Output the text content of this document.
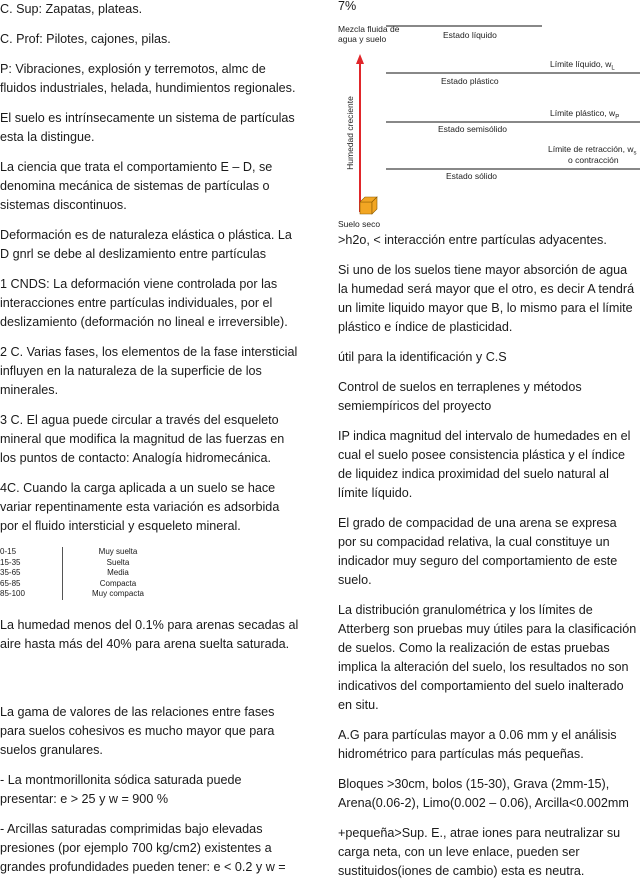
C. Sup: Zapatas, plateas.

C. Prof: Pilotes, cajones, pilas.

P: Vibraciones, explosión y terremotos, almc de fluidos industriales, helada, hundimientos regionales.

El suelo es intrínsecamente un sistema de partículas esta la distingue.

La ciencia que trata el comportamiento E – D, se denomina mecánica de sistemas de partículas o sistemas discontinuos.

Deformación es de naturaleza elástica o plástica. La D gnrl se debe al deslizamiento entre partículas

1 CNDS: La deformación viene controlada por las interacciones entre partículas individuales, por el deslizamiento (deformación no lineal e irreversible).

2 C. Varias fases, los elementos de la fase intersticial influyen en la naturaleza de la superficie de los minerales.

3 C. El agua puede circular a través del esqueleto mineral que modifica la magnitud de las fuerzas en los puntos de contacto: Analogía hidromecánica.

4C. Cuando la carga aplicada a un suelo se hace variar repentinamente esta variación es adsorbida por el fluido intersticial y esqueleto mineral.

0-15	Muy suelta
15-35	Suelta
35-65	Media
65-85	Compacta
85-100	Muy compacta

La humedad menos del 0.1% para arenas secadas al aire hasta más del 40% para arena suelta saturada.

La gama de valores de las relaciones entre fases para suelos cohesivos es mucho mayor que para suelos granulares.

- La montmorillonita sódica saturada puede presentar: e > 25 y w = 900 %

- Arcillas saturadas comprimidas bajo elevadas presiones (por ejemplo 700 kg/cm2) existentes a grandes profundidades pueden tener: e < 0.2 y w =

7%

Mezcla fluida de agua y suelo
Suelo seco
Humedad creciente
Estado líquido
Estado plástico
Estado semisólido
Estado sólido
Límite líquido, $w_L$
Límite plástico, $w_P$
Límite de retracción, $w_s$
o contracción

>h2o, < interacción entre partículas adyacentes.

Si uno de los suelos tiene mayor absorción de agua la humedad será mayor que el otro, es decir A tendrá un limite liquido mayor que B, lo mismo para el límite plástico e índice de plasticidad.

útil para la identificación y C.S

Control de suelos en terraplenes y métodos semiempíricos del proyecto

IP indica magnitud del intervalo de humedades en el cual el suelo posee consistencia plástica y el índice de liquidez indica proximidad del suelo natural al límite líquido.

El grado de compacidad de una arena se expresa por su compacidad relativa, la cual constituye un indicador muy seguro del comportamiento de este suelo.

La distribución granulométrica y los límites de Atterberg son pruebas muy útiles para la clasificación de suelos. Como la realización de estas pruebas implica la alteración del suelo, los resultados no son indicativos del comportamiento del suelo inalterado en situ.

A.G para partículas mayor a 0.06 mm y el análisis hidrométrico para partículas más pequeñas.

Bloques >30cm, bolos (15-30), Grava (2mm-15), Arena(0.06-2), Limo(0.002 – 0.06), Arcilla<0.002mm

+pequeña>Sup. E., atrae iones para neutralizar su carga neta, con un leve enlace, pueden ser sustituidos(iones de cambio) esta es neutra.
